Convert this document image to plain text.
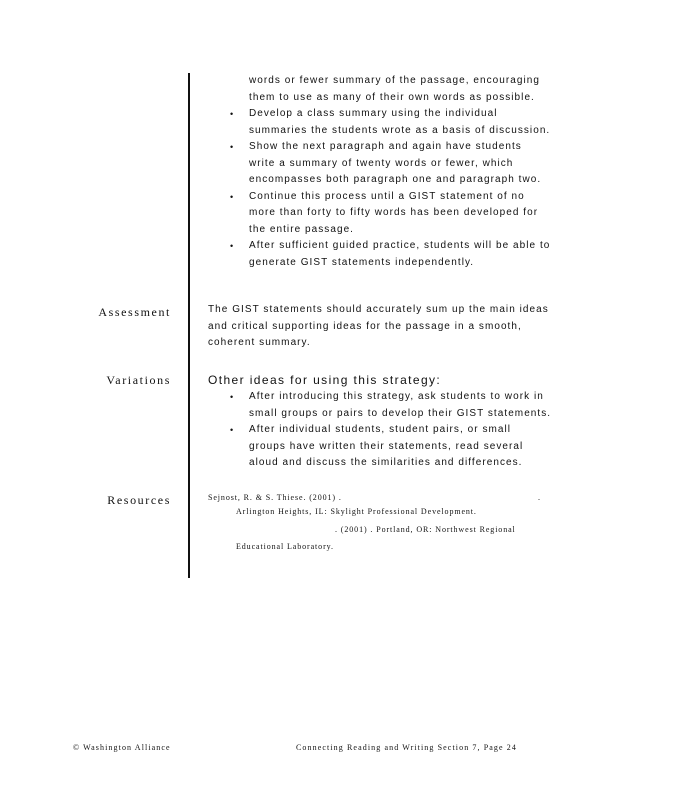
words or fewer summary of the passage, encouraging
them to use as many of their own words as possible.
• Develop a class summary using the individual
summaries the students wrote as a basis of discussion.
• Show the next paragraph and again have students
write a summary of twenty words or fewer, which
encompasses both paragraph one and paragraph two.
• Continue this process until a GIST statement of no
more than forty to fifty words has been developed for
the entire passage.
• After sufficient guided practice, students will be able to
generate GIST statements independently.
Assessment	The GIST statements should accurately sum up the main ideas
and critical supporting ideas for the passage in a smooth,
coherent summary.
Variations	Other ideas for using this strategy:
• After introducing this strategy, ask students to work in
small groups or pairs to develop their GIST statements.
• After individual students, student pairs, or small
groups have written their statements, read several
aloud and discuss the similarities and differences.
Resources	Sejnost, R. & S. Thiese. (2001) .	.
Arlington Heights, IL: Skylight Professional Development.
. (2001) . Portland, OR: Northwest Regional
Educational Laboratory.
© Washington Alliance	Connecting Reading and Writing Section 7, Page 24
